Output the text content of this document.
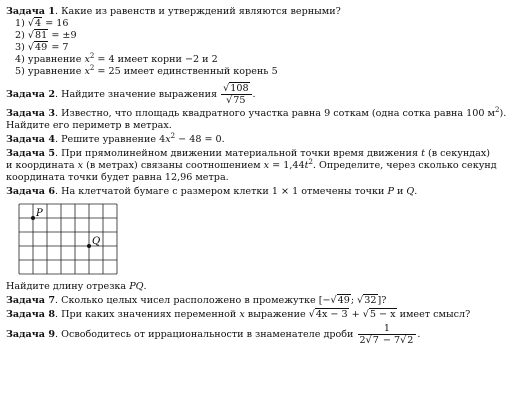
Задача 1. Какие из равенств и утверждений являются верными?
1) √4 = 16
2) √81 = ±9
3) √49 = 7
4) уравнение $x^2 = 4$ имеет корни −2 и 2
5) уравнение $x^2 = 25$ имеет единственный корень 5
Задача 2. Найдите значение выражения $\frac{√108}{√75}$ .
Задача 3. Известно, что площадь квадратного участка равна 9 соткам (одна сотка равна 100 $м^2$).
Найдите его периметр в метрах.
Задача 4. Решите уравнение $4x^2 - 48 = 0$.
Задача 5. При прямолинейном движении материальной точки время движения t (в секундах)
и координата x (в метрах) связаны соотношением $x = 1,44t^2$. Определите, через сколько секунд
координата точки будет равна 12,96 метра.
Задача 6. На клетчатой бумаге с размером клетки 1 × 1 отмечены точки P и Q.
P
Q
Найдите длину отрезка PQ.
Задача 7. Сколько целых чисел расположено в промежутке [−√49; √32]?
Задача 8. При каких значениях переменной x выражение √4x − 3 + √5 − x имеет смысл?
Задача 9. Освободитесь от иррациональности в знаменателе дроби $\frac{1}{2√7 - 7√2}$ .
